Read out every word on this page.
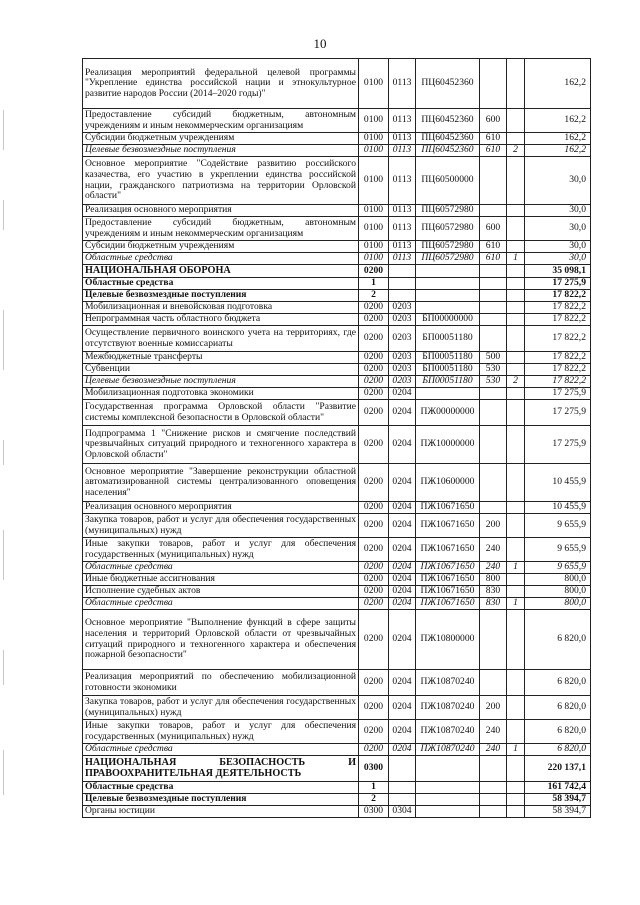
10
Реализация мероприятий федеральной целевой программы "Укрепление единства российской нации и этнокультурное развитие народов России (2014–2020 годы)"	0100	0113	ПЦ60452360			162,2
Предоставление субсидий бюджетным, автономным учреждениям и иным некоммерческим организациям	0100	0113	ПЦ60452360	600		162,2
Субсидии бюджетным учреждениям	0100	0113	ПЦ60452360	610		162,2
Целевые безвозмездные поступления	0100	0113	ПЦ60452360	610	2	162,2
Основное мероприятие "Содействие развитию российского казачества, его участию в укреплении единства российской нации, гражданского патриотизма на территории Орловской области"	0100	0113	ПЦ60500000			30,0
Реализация основного мероприятия	0100	0113	ПЦ60572980			30,0
Предоставление субсидий бюджетным, автономным учреждениям и иным некоммерческим организациям	0100	0113	ПЦ60572980	600		30,0
Субсидии бюджетным учреждениям	0100	0113	ПЦ60572980	610		30,0
Областные средства	0100	0113	ПЦ60572980	610	1	30,0
НАЦИОНАЛЬНАЯ ОБОРОНА	0200					35 098,1
Областные средства	1					17 275,9
Целевые безвозмездные поступления	2					17 822,2
Мобилизационная и вневойсковая подготовка	0200	0203				17 822,2
Непрограммная часть областного бюджета	0200	0203	БП00000000			17 822,2
Осуществление первичного воинского учета на территориях, где отсутствуют военные комиссариаты	0200	0203	БП00051180			17 822,2
Межбюджетные трансферты	0200	0203	БП00051180	500		17 822,2
Субвенции	0200	0203	БП00051180	530		17 822,2
Целевые безвозмездные поступления	0200	0203	БП00051180	530	2	17 822,2
Мобилизационная подготовка экономики	0200	0204				17 275,9
Государственная программа Орловской области "Развитие системы комплексной безопасности в Орловской области"	0200	0204	ПЖ00000000			17 275,9
Подпрограмма 1 "Снижение рисков и смягчение последствий чрезвычайных ситуаций природного и техногенного характера в Орловской области"	0200	0204	ПЖ10000000			17 275,9
Основное мероприятие "Завершение реконструкции областной автоматизированной системы централизованного оповещения населения"	0200	0204	ПЖ10600000			10 455,9
Реализация основного мероприятия	0200	0204	ПЖ10671650			10 455,9
Закупка товаров, работ и услуг для обеспечения государственных (муниципальных) нужд	0200	0204	ПЖ10671650	200		9 655,9
Иные закупки товаров, работ и услуг для обеспечения государственных (муниципальных) нужд	0200	0204	ПЖ10671650	240		9 655,9
Областные средства	0200	0204	ПЖ10671650	240	1	9 655,9
Иные бюджетные ассигнования	0200	0204	ПЖ10671650	800		800,0
Исполнение судебных актов	0200	0204	ПЖ10671650	830		800,0
Областные средства	0200	0204	ПЖ10671650	830	1	800,0
Основное мероприятие "Выполнение функций в сфере защиты населения и территорий Орловской области от чрезвычайных ситуаций природного и техногенного характера и обеспечения пожарной безопасности"	0200	0204	ПЖ10800000			6 820,0
Реализация мероприятий по обеспечению мобилизационной готовности экономики	0200	0204	ПЖ10870240			6 820,0
Закупка товаров, работ и услуг для обеспечения государственных (муниципальных) нужд	0200	0204	ПЖ10870240	200		6 820,0
Иные закупки товаров, работ и услуг для обеспечения государственных (муниципальных) нужд	0200	0204	ПЖ10870240	240		6 820,0
Областные средства	0200	0204	ПЖ10870240	240	1	6 820,0
НАЦИОНАЛЬНАЯ БЕЗОПАСНОСТЬ И ПРАВООХРАНИТЕЛЬНАЯ ДЕЯТЕЛЬНОСТЬ	0300					220 137,1
Областные средства	1					161 742,4
Целевые безвозмездные поступления	2					58 394,7
Органы юстиции	0300	0304				58 394,7
